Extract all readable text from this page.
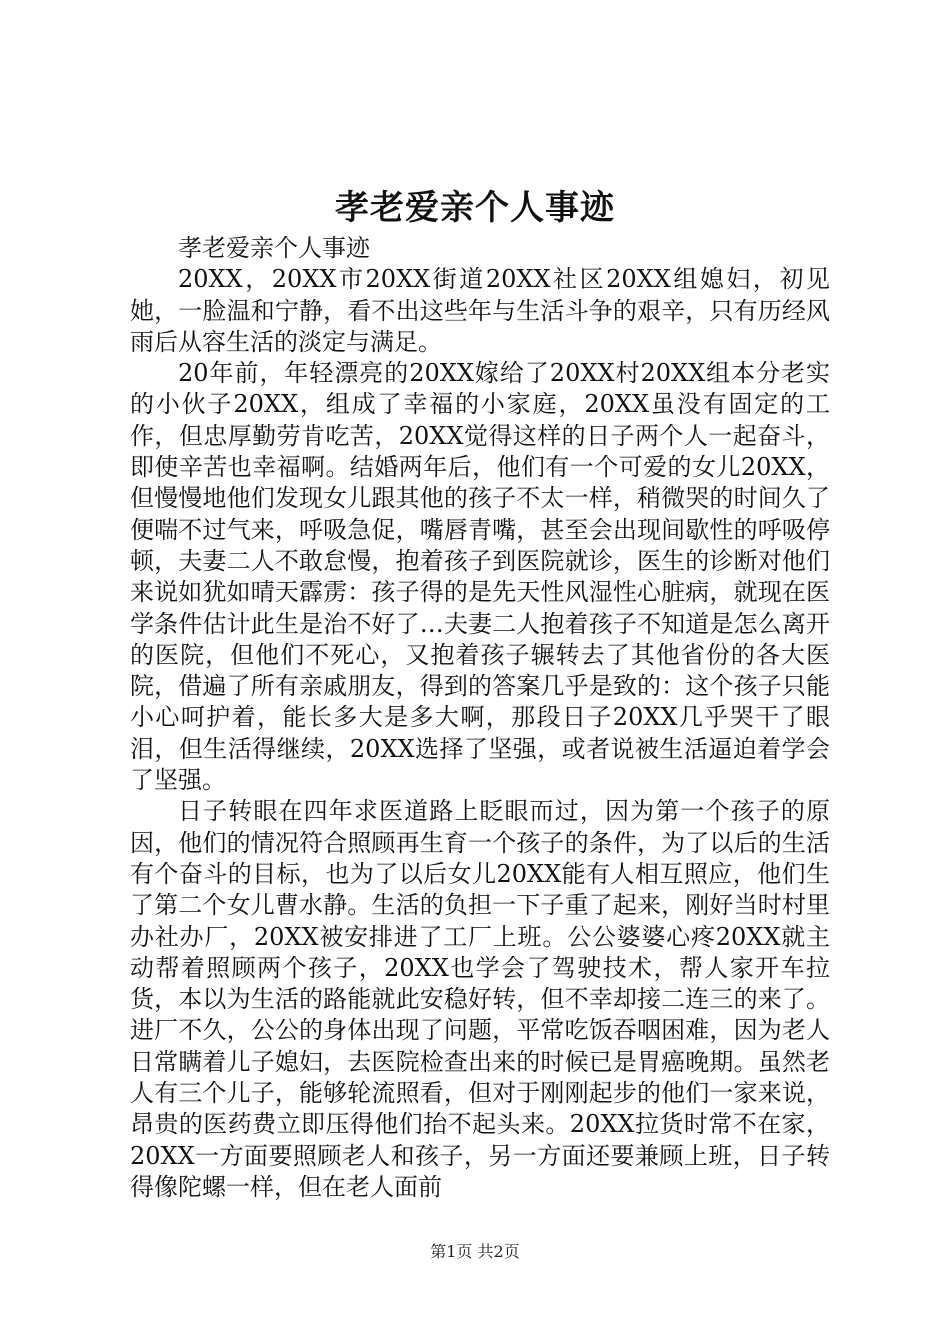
孝老爱亲个人事迹

孝老爱亲个人事迹

20XX，20XX市20XX街道20XX社区20XX组媳妇，初见她，一脸温和宁静，看不出这些年与生活斗争的艰辛，只有历经风雨后从容生活的淡定与满足。

20年前，年轻漂亮的20XX嫁给了20XX村20XX组本分老实的小伙子20XX，组成了幸福的小家庭，20XX虽没有固定的工作，但忠厚勤劳肯吃苦，20XX觉得这样的日子两个人一起奋斗，即使辛苦也幸福啊。结婚两年后，他们有一个可爱的女儿20XX，但慢慢地他们发现女儿跟其他的孩子不太一样，稍微哭的时间久了便喘不过气来，呼吸急促，嘴唇青嘴，甚至会出现间歇性的呼吸停顿，夫妻二人不敢怠慢，抱着孩子到医院就诊，医生的诊断对他们来说如犹如晴天霹雳：孩子得的是先天性风湿性心脏病，就现在医学条件估计此生是治不好了…夫妻二人抱着孩子不知道是怎么离开的医院，但他们不死心，又抱着孩子辗转去了其他省份的各大医院，借遍了所有亲戚朋友，得到的答案几乎是致的：这个孩子只能小心呵护着，能长多大是多大啊，那段日子20XX几乎哭干了眼泪，但生活得继续，20XX选择了坚强，或者说被生活逼迫着学会了坚强。

日子转眼在四年求医道路上眨眼而过，因为第一个孩子的原因，他们的情况符合照顾再生育一个孩子的条件，为了以后的生活有个奋斗的目标，也为了以后女儿20XX能有人相互照应，他们生了第二个女儿曹水静。生活的负担一下子重了起来，刚好当时村里办社办厂，20XX被安排进了工厂上班。公公婆婆心疼20XX就主动帮着照顾两个孩子，20XX也学会了驾驶技术，帮人家开车拉货，本以为生活的路能就此安稳好转，但不幸却接二连三的来了。进厂不久，公公的身体出现了问题，平常吃饭吞咽困难，因为老人日常瞒着儿子媳妇，去医院检查出来的时候已是胃癌晚期。虽然老人有三个儿子，能够轮流照看，但对于刚刚起步的他们一家来说，昂贵的医药费立即压得他们抬不起头来。20XX拉货时常不在家，20XX一方面要照顾老人和孩子，另一方面还要兼顾上班，日子转得像陀螺一样，但在老人面前

第1页 共2页
